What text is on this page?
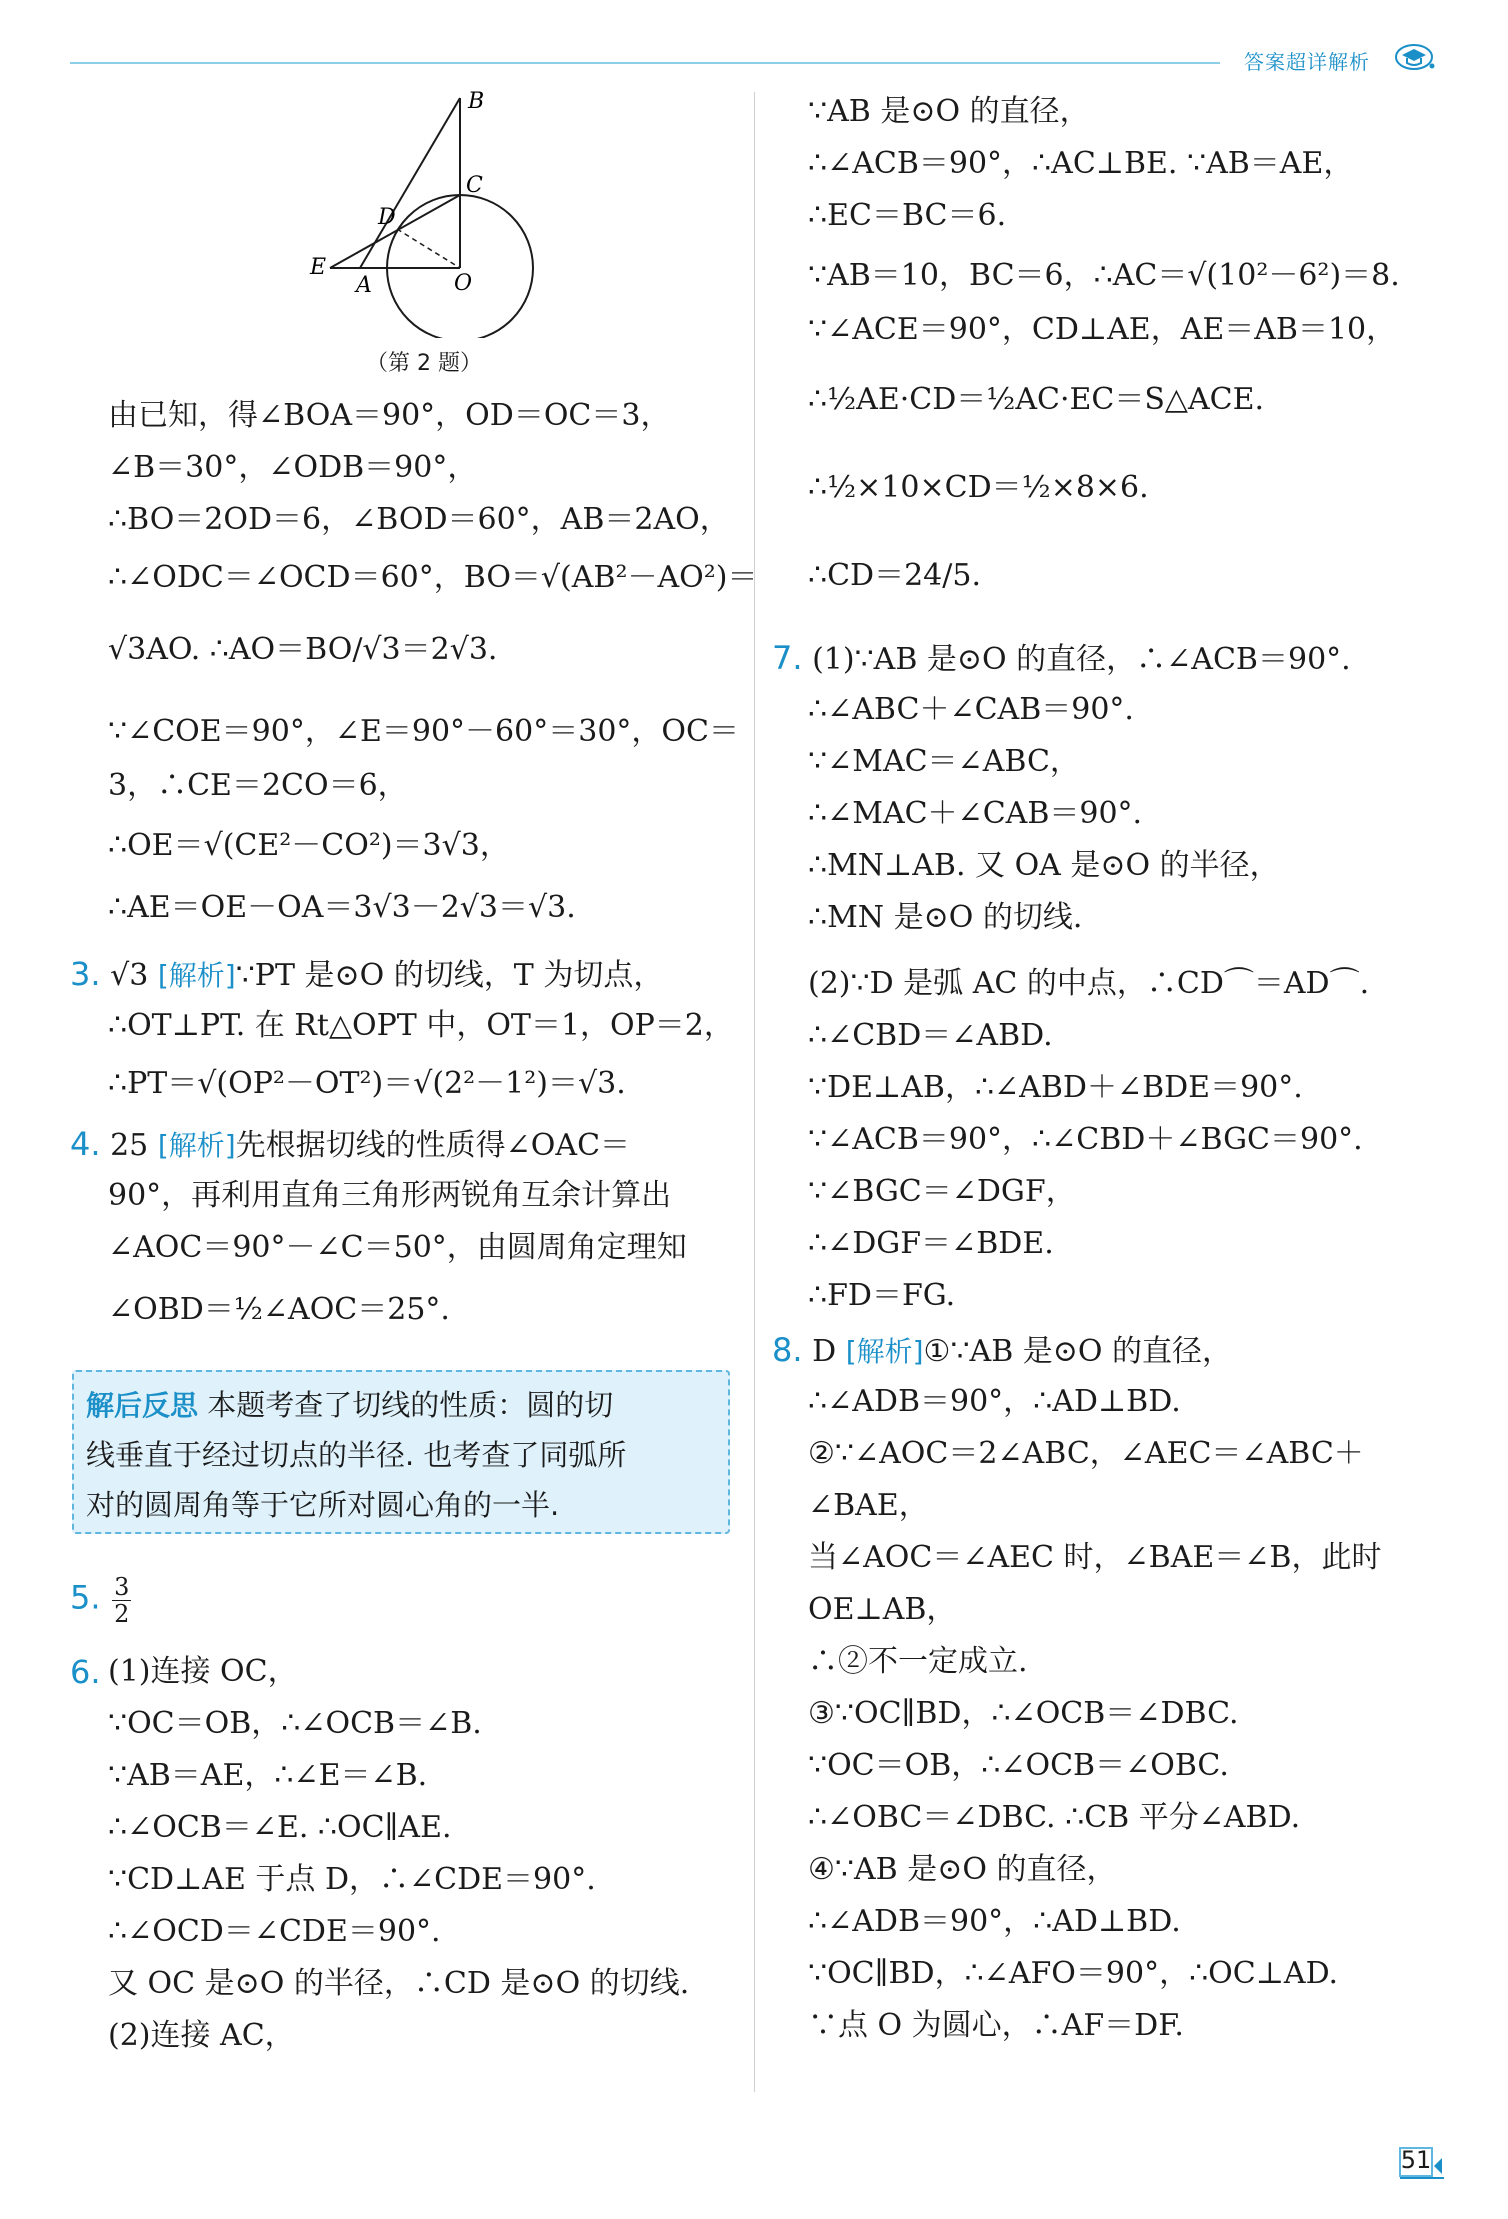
答案超详解析
B
C
D
E
A	O
（第 2 题）
由已知，得∠BOA＝90°，OD＝OC＝3，
∠B＝30°，∠ODB＝90°，
∴BO＝2OD＝6，∠BOD＝60°，AB＝2AO，
∴∠ODC＝∠OCD＝60°，BO＝√(AB²－AO²)＝
√3AO. ∴AO＝BO/√3＝2√3.
∵∠COE＝90°，∠E＝90°－60°＝30°，OC＝
3，∴CE＝2CO＝6，
∴OE＝√(CE²－CO²)＝3√3，
∴AE＝OE－OA＝3√3－2√3＝√3.
∴OT⊥PT. 在 Rt△OPT 中，OT＝1，OP＝2，
∴PT＝√(OP²－OT²)＝√(2²－1²)＝√3.
90°，再利用直角三角形两锐角互余计算出
∠AOC＝90°－∠C＝50°，由圆周角定理知
∠OBD＝½∠AOC＝25°.
(1)连接 OC，
∵OC＝OB，∴∠OCB＝∠B.
∵AB＝AE，∴∠E＝∠B.
∴∠OCB＝∠E. ∴OC∥AE.
∵CD⊥AE 于点 D，∴∠CDE＝90°.
∴∠OCD＝∠CDE＝90°.
又 OC 是⊙O 的半径，∴CD 是⊙O 的切线.
(2)连接 AC，
3. √3 [解析]∵PT 是⊙O 的切线，T 为切点，
4. 25 [解析]先根据切线的性质得∠OAC＝
解后反思 本题考查了切线的性质：圆的切
线垂直于经过切点的半径. 也考查了同弧所
对的圆周角等于它所对圆心角的一半.
5. $\frac{3}{2}$
6.
∵AB 是⊙O 的直径，
∴∠ACB＝90°，∴AC⊥BE. ∵AB＝AE，
∴EC＝BC＝6.
∵AB＝10，BC＝6，∴AC＝√(10²－6²)＝8.
∵∠ACE＝90°，CD⊥AE，AE＝AB＝10，
∴½AE·CD＝½AC·EC＝S△ACE.
∴½×10×CD＝½×8×6.
∴CD＝24/5.
∴∠ABC＋∠CAB＝90°.
∵∠MAC＝∠ABC，
∴∠MAC＋∠CAB＝90°.
∴MN⊥AB. 又 OA 是⊙O 的半径，
∴MN 是⊙O 的切线.
(2)∵D 是弧 AC 的中点，∴CD⌒＝AD⌒.
∴∠CBD＝∠ABD.
∵DE⊥AB，∴∠ABD＋∠BDE＝90°.
∵∠ACB＝90°，∴∠CBD＋∠BGC＝90°.
∵∠BGC＝∠DGF，
∴∠DGF＝∠BDE.
∴FD＝FG.
∴∠ADB＝90°，∴AD⊥BD.
②∵∠AOC＝2∠ABC，∠AEC＝∠ABC＋
∠BAE，
当∠AOC＝∠AEC 时，∠BAE＝∠B，此时
OE⊥AB，
∴②不一定成立.
③∵OC∥BD，∴∠OCB＝∠DBC.
∵OC＝OB，∴∠OCB＝∠OBC.
∴∠OBC＝∠DBC. ∴CB 平分∠ABD.
④∵AB 是⊙O 的直径，
∴∠ADB＝90°，∴AD⊥BD.
∵OC∥BD，∴∠AFO＝90°，∴OC⊥AD.
∵点 O 为圆心，∴AF＝DF.
7. (1)∵AB 是⊙O 的直径，∴∠ACB＝90°.
8. D [解析]①∵AB 是⊙O 的直径，
51
